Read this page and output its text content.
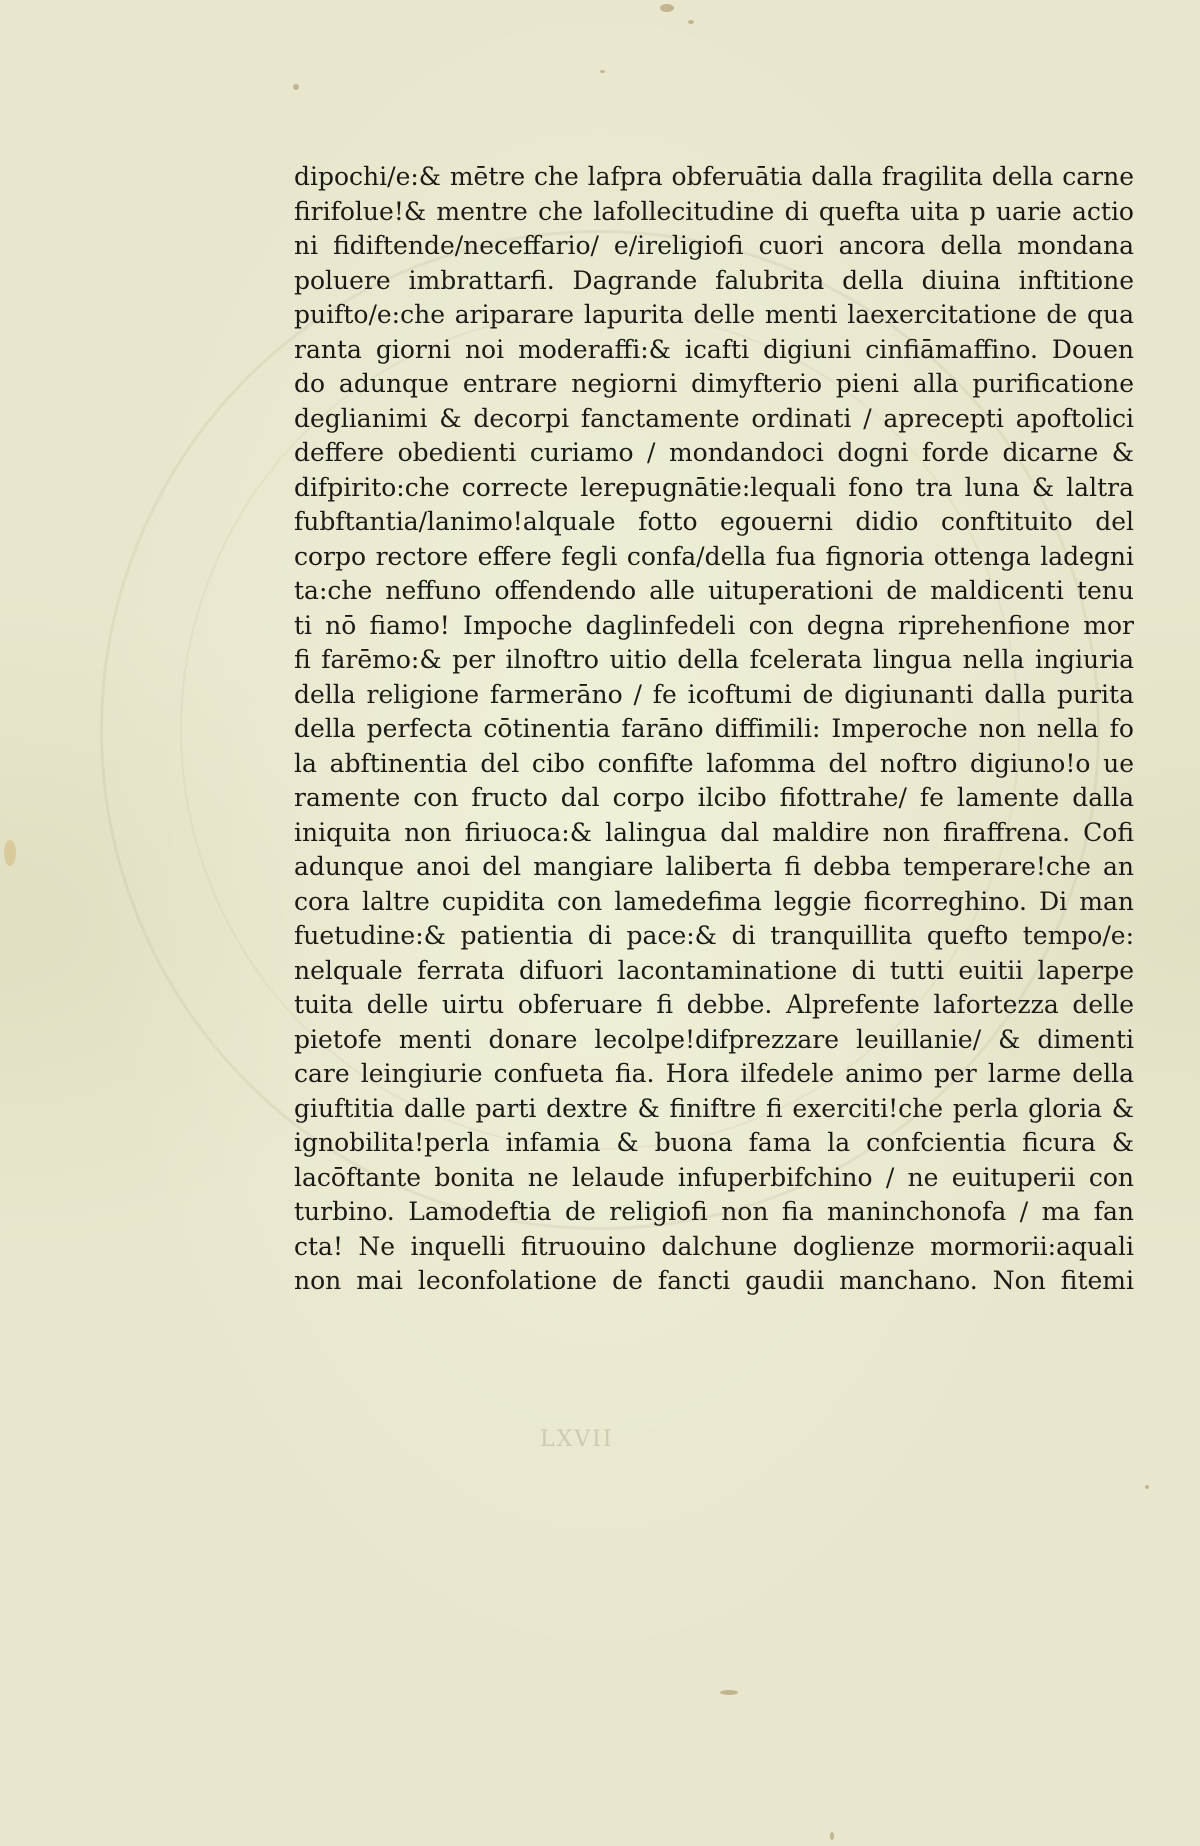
dipochi/e:& mētre che lafpra obferuātia dalla fragilita della carne
firifolue!& mentre che lafollecitudine di quefta uita p uarie actio
ni fidiftende/neceffario/ e/ireligiofi cuori ancora della mondana
poluere imbrattarfi. Dagrande falubrita della diuina inftitione
puifto/e:che ariparare lapurita delle menti laexercitatione de qua
ranta giorni noi moderaffi:& icafti digiuni cinfiāmaffino. Douen
do adunque entrare negiorni dimyfterio pieni alla purificatione
deglianimi & decorpi fanctamente ordinati / aprecepti apoftolici
deffere obedienti curiamo / mondandoci dogni forde dicarne &
difpirito:che correcte lerepugnātie:lequali fono tra luna & laltra
fubftantia/lanimo!alquale fotto egouerni didio conftituito del
corpo rectore effere fegli confa/della fua fignoria ottenga ladegni
ta:che neffuno offendendo alle uituperationi de maldicenti tenu
ti nō fiamo! Impoche daglinfedeli con degna riprehenfione mor
fi farēmo:& per ilnoftro uitio della fcelerata lingua nella ingiuria
della religione farmerāno / fe icoftumi de digiunanti dalla purita
della perfecta cōtinentia farāno diffimili: Imperoche non nella fo
la abftinentia del cibo confifte lafomma del noftro digiuno!o ue
ramente con fructo dal corpo ilcibo fifottrahe/ fe lamente dalla
iniquita non firiuoca:& lalingua dal maldire non firaffrena. Cofi
adunque anoi del mangiare laliberta fi debba temperare!che an
cora laltre cupidita con lamedefima leggie ficorreghino. Di man
fuetudine:& patientia di pace:& di tranquillita quefto tempo/e:
nelquale ferrata difuori lacontaminatione di tutti euitii laperpe
tuita delle uirtu obferuare fi debbe. Alprefente lafortezza delle
pietofe menti donare lecolpe!difprezzare leuillanie/ & dimenti
care leingiurie confueta fia. Hora ilfedele animo per larme della
giuftitia dalle parti dextre & finiftre fi exerciti!che perla gloria &
ignobilita!perla infamia & buona fama la confcientia ficura &
lacōftante bonita ne lelaude infuperbifchino / ne euituperii con
turbino. Lamodeftia de religiofi non fia maninchonofa / ma fan
cta! Ne inquelli fitruouino dalchune doglienze mormorii:aquali
non mai leconfolatione de fancti gaudii manchano. Non fitemi
LXVII
